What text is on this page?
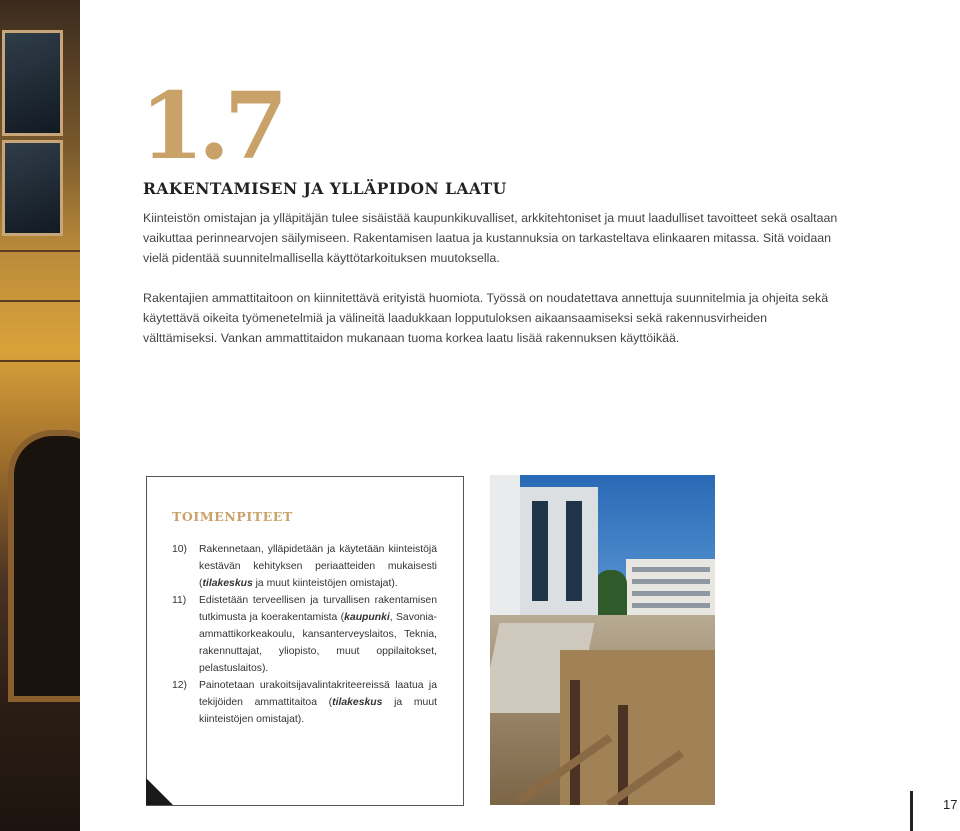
1.7
RAKENTAMISEN JA YLLÄPIDON LAATU
Kiinteistön omistajan ja ylläpitäjän tulee sisäistää kaupunkikuvalliset, arkkitehtoniset ja muut laadulliset tavoitteet sekä osaltaan vaikuttaa perinnearvojen säilymiseen. Rakentamisen laatua ja kustannuksia on tarkasteltava elinkaaren mitassa. Sitä voidaan vielä pidentää suunnitelmallisella käyttötarkoituksen muutoksella.
Rakentajien ammattitaitoon on kiinnitettävä erityistä huomiota. Työssä on noudatettava annettuja suunnitelmia ja ohjeita sekä käytettävä oikeita työmenetelmiä ja välineitä laadukkaan lopputuloksen aikaansaamiseksi sekä rakennusvirheiden välttämiseksi. Vankan ammattitaidon mukanaan tuoma korkea laatu lisää rakennuksen käyttöikää.
TOIMENPITEET
10) Rakennetaan, ylläpidetään ja käytetään kiinteistöjä kestävän kehityksen periaatteiden mukaisesti (tilakeskus ja muut kiinteistöjen omistajat).
11) Edistetään terveellisen ja turvallisen rakentamisen tutkimusta ja koerakentamista (kaupunki, Savonia-ammattikorkeakoulu, kansanterveyslaitos, Teknia, rakennuttajat, yliopisto, muut oppilaitokset, pelastuslaitos).
12) Painotetaan urakoitsijavalintakriteereissä laatua ja tekijöiden ammattitaitoa (tilakeskus ja muut kiinteistöjen omistajat).
17
